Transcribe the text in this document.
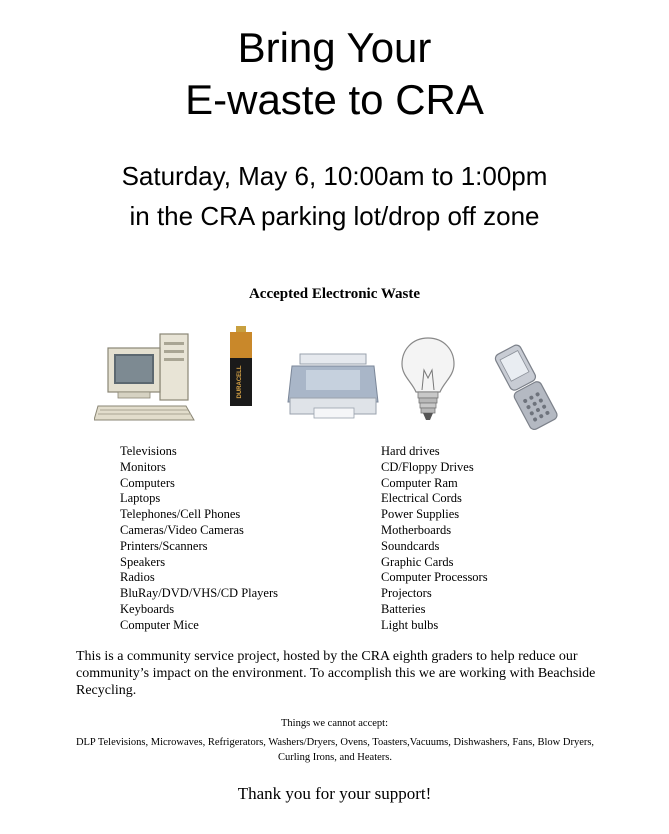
Bring Your
E-waste to CRA
Saturday, May 6, 10:00am to 1:00pm
in the CRA parking lot/drop off zone
Accepted Electronic Waste
DURACELL
Televisions
Monitors
Computers
Laptops
Telephones/Cell Phones
Cameras/Video Cameras
Printers/Scanners
Speakers
Radios
BluRay/DVD/VHS/CD Players
Keyboards
Computer Mice
Hard drives
CD/Floppy Drives
Computer Ram
Electrical Cords
Power Supplies
Motherboards
Soundcards
Graphic Cards
Computer Processors
Projectors
Batteries
Light bulbs
This is a community service project, hosted by the CRA eighth graders to help reduce our community’s impact on the environment. To accomplish this we are working with Beachside Recycling.
Things we cannot accept:
DLP Televisions, Microwaves, Refrigerators, Washers/Dryers, Ovens, Toasters,Vacuums, Dishwashers, Fans, Blow Dryers, Curling Irons, and Heaters.
Thank you for your support!
